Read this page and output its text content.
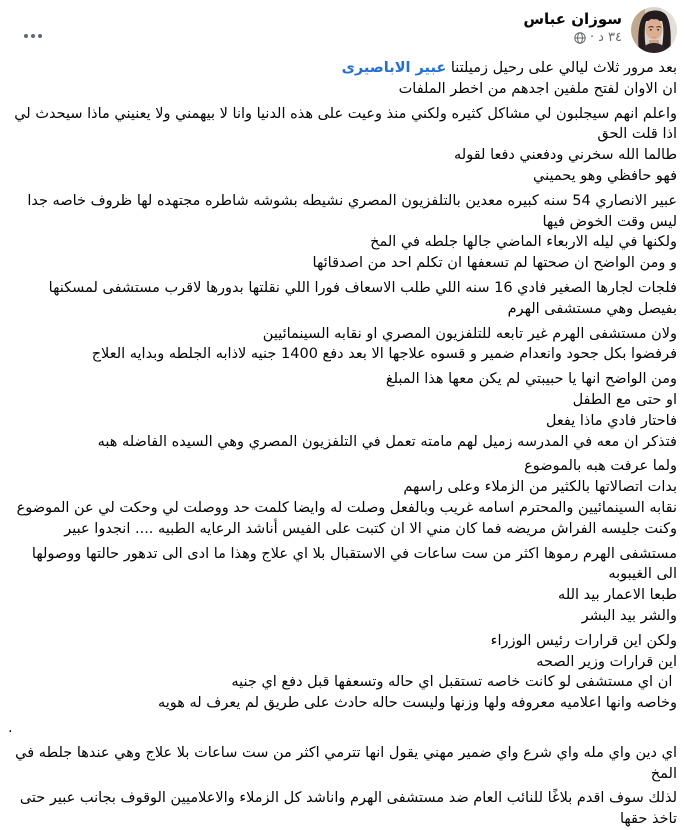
سوزان عباس
٣٤ د
·
بعد مرور ثلاث ليالي على رحيل زميلتنا عبير الاباصيرى
ان الاوان لفتح ملفين اجدهم من اخطر الملفات
واعلم انهم سيجلبون لي مشاكل كثيره ولكني منذ وعيت على هذه الدنيا وانا لا بيهمني ولا يعنيني ماذا سيحدث لي اذا قلت الحق
طالما الله سخرني ودفعني دفعا لقوله
فهو حافظي وهو يحميني
عبير الانصاري 54 سنه كبيره معدين بالتلفزيون المصري نشيطه بشوشه شاطره مجتهده لها ظروف خاصه جدا
ليس وقت الخوض فيها
ولكنها في ليله الاربعاء الماضي جالها جلطه في المخ
و ومن الواضح ان صحتها لم تسعفها ان تكلم احد من اصدقائها
فلجات لجارها الصغير فادي 16 سنه اللي طلب الاسعاف فورا اللي نقلتها بدورها لاقرب مستشفى لمسكنها بفيصل وهي مستشفى الهرم
ولان مستشفى الهرم غير تابعه للتلفزيون المصري او نقابه السينمائيين
فرفضوا بكل جحود وانعدام ضمير و قسوه علاجها الا بعد دفع 1400 جنيه لاذابه الجلطه وبدايه العلاج
ومن الواضح انها يا حبيبتي لم يكن معها هذا المبلغ
او حتى مع الطفل
فاحتار فادي ماذا يفعل
فتذكر ان معه في المدرسه زميل لهم مامته تعمل في التلفزيون المصري وهي السيده الفاضله هبه
ولما عرفت هبه بالموضوع
بدات اتصالاتها بالكثير من الزملاء وعلى راسهم
نقابه السينمائيين والمحترم اسامه غريب وبالفعل وصلت له وايضا كلمت حد ووصلت لي وحكت لي عن الموضوع وكنت جليسه الفراش مريضه فما كان مني الا ان كتبت على الفيس أناشد الرعايه الطبيه .... انجدوا عبير
مستشفى الهرم رموها اكثر من ست ساعات في الاستقبال بلا اي علاج وهذا ما ادى الى تدهور حالتها ووصولها الى الغيبوبه
طبعا الاعمار بيد الله
والشر بيد البشر
ولكن اين قرارات رئيس الوزراء
اين قرارات وزير الصحه
ان اي مستشفى لو كانت خاصه تستقبل اي حاله وتسعفها قبل دفع اي جنيه
وخاصه وانها اعلاميه معروفه ولها وزنها وليست حاله حادث على طريق لم يعرف له هويه
.
اي دين واي مله واي شرع واي ضمير مهني يقول انها تترمي اكثر من ست ساعات بلا علاج وهي عندها جلطه في المخ
لذلك سوف اقدم بلاغًا للنائب العام ضد مستشفى الهرم واناشد كل الزملاء والاعلاميين الوقوف بجانب عبير حتى تاخذ حقها
